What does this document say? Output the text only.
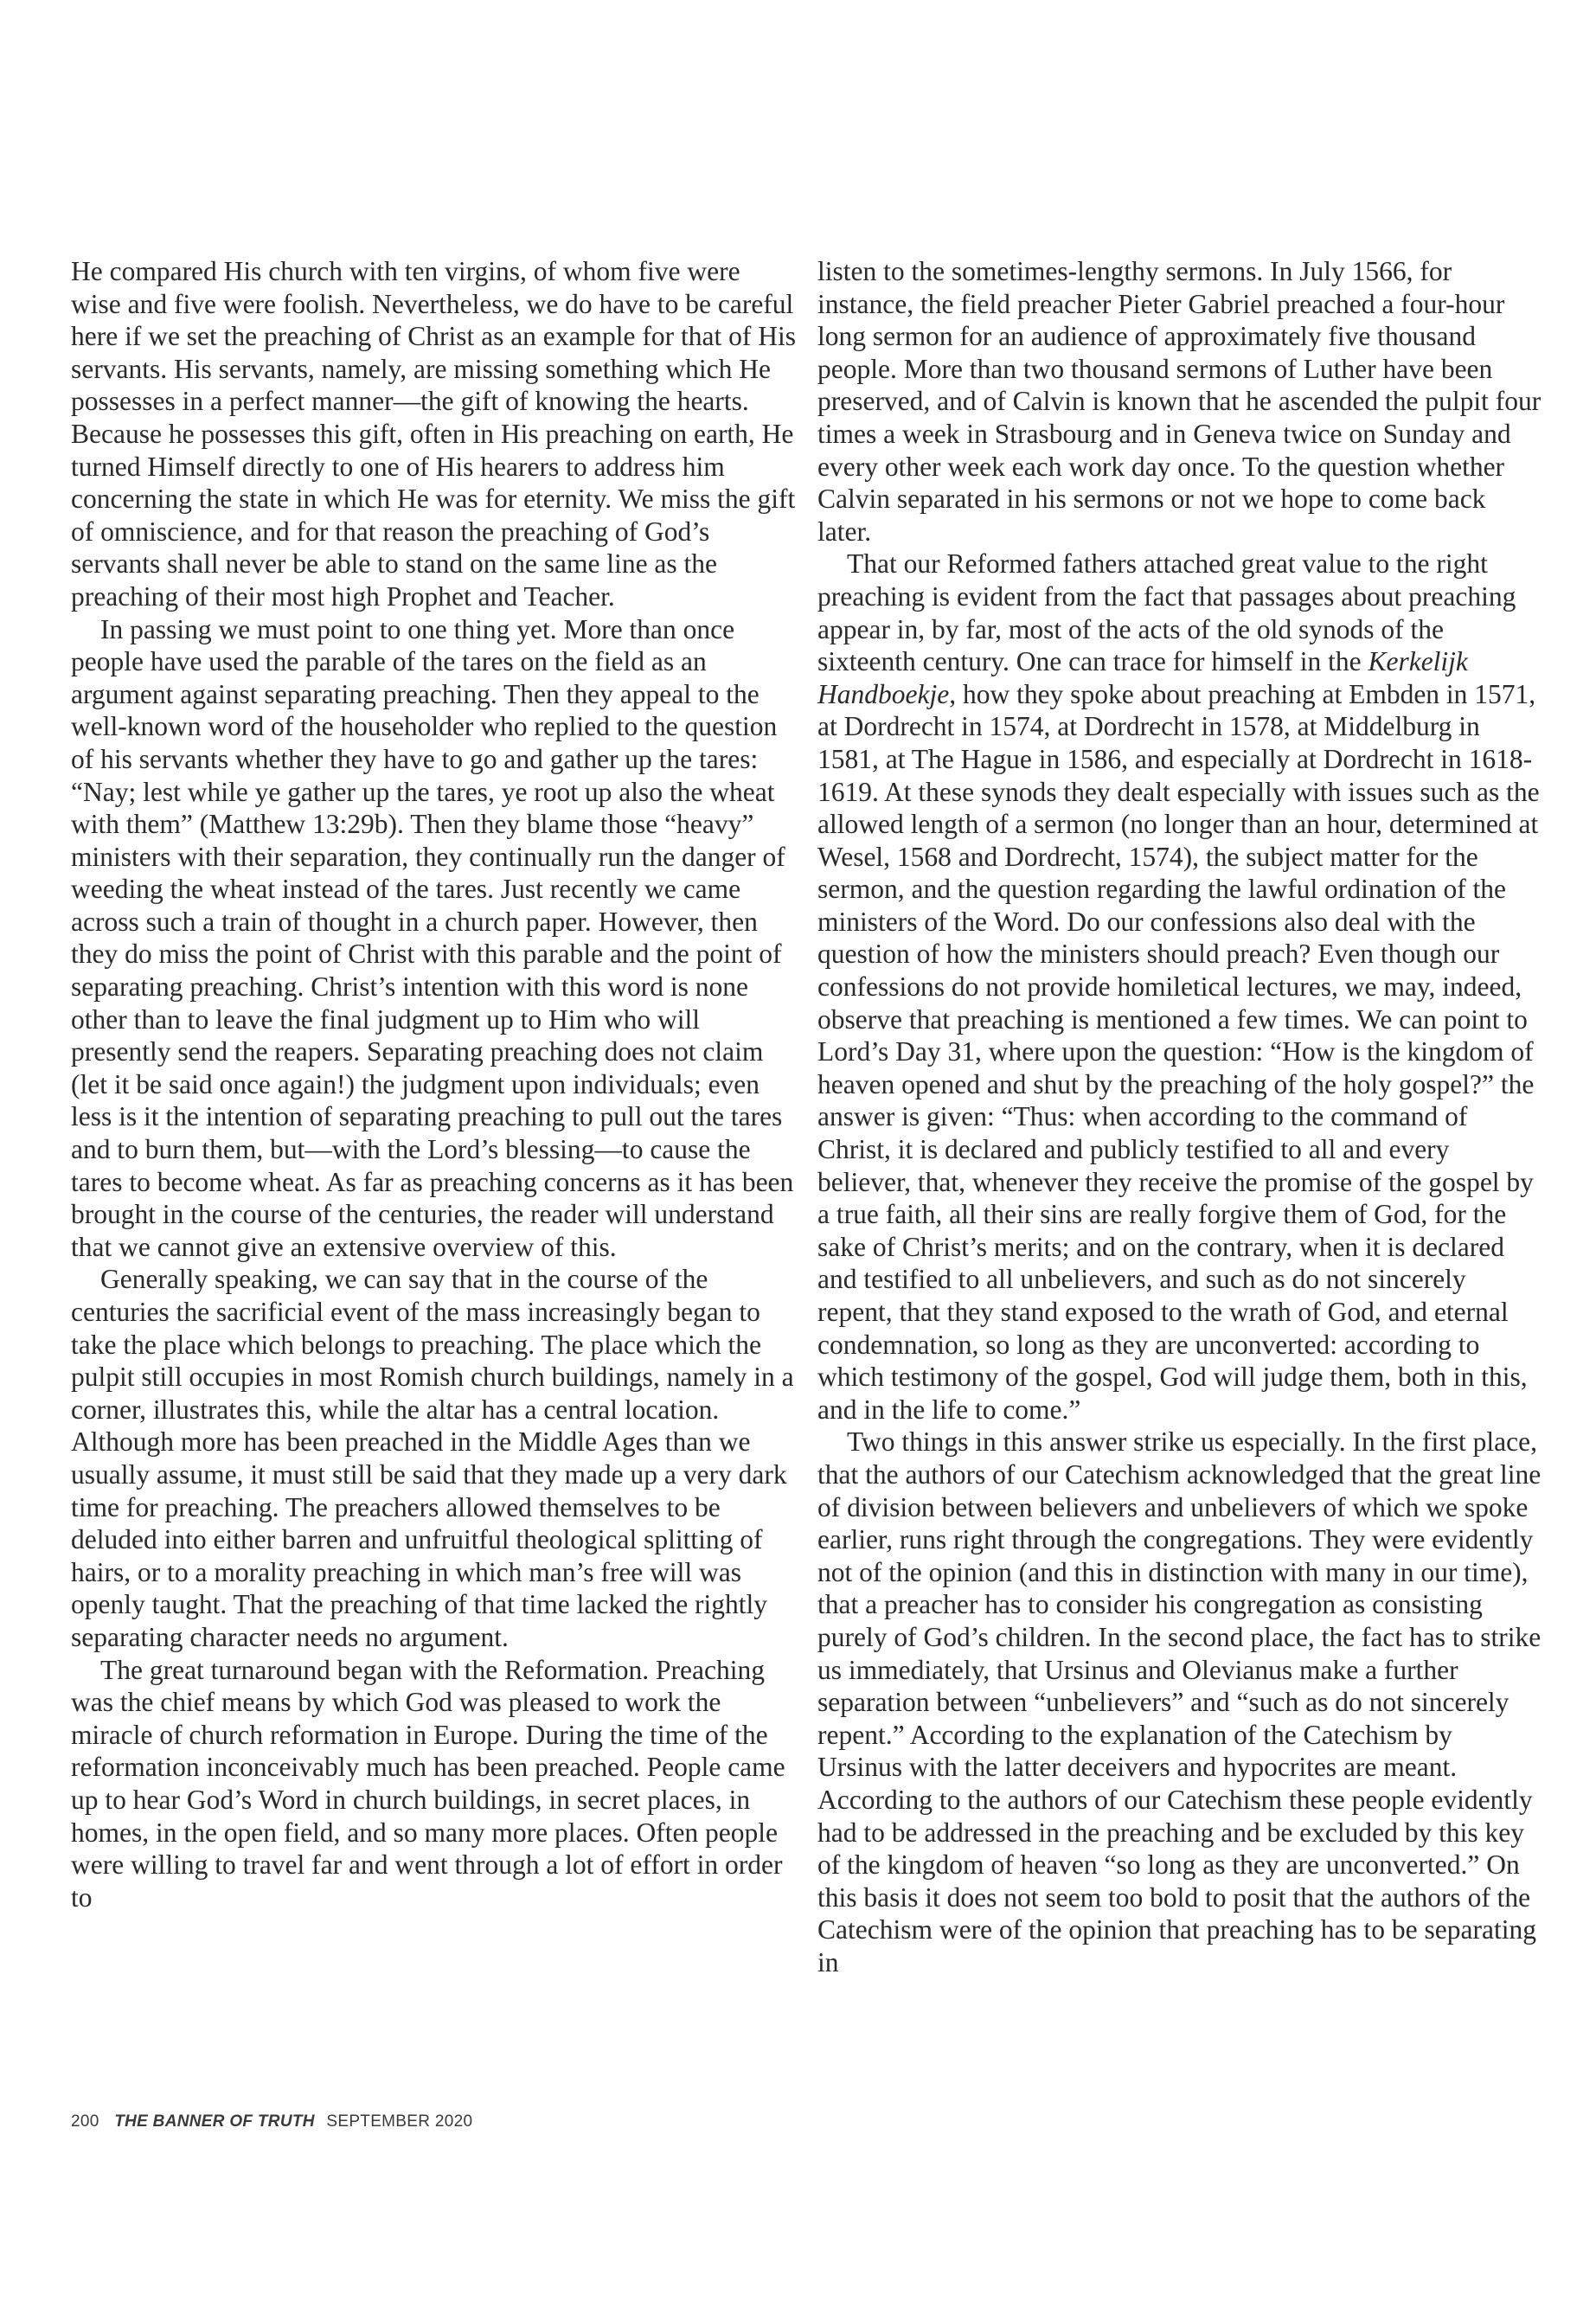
He compared His church with ten virgins, of whom five were wise and five were foolish. Nevertheless, we do have to be careful here if we set the preaching of Christ as an example for that of His servants. His servants, namely, are missing something which He possesses in a perfect manner—the gift of knowing the hearts. Because he possesses this gift, often in His preaching on earth, He turned Himself directly to one of His hearers to address him concerning the state in which He was for eternity. We miss the gift of omniscience, and for that reason the preaching of God’s servants shall never be able to stand on the same line as the preaching of their most high Prophet and Teacher.

In passing we must point to one thing yet. More than once people have used the parable of the tares on the field as an argument against separating preaching. Then they appeal to the well-known word of the householder who replied to the question of his servants whether they have to go and gather up the tares: “Nay; lest while ye gather up the tares, ye root up also the wheat with them” (Matthew 13:29b). Then they blame those “heavy” ministers with their separation, they continually run the danger of weeding the wheat instead of the tares. Just recently we came across such a train of thought in a church paper. However, then they do miss the point of Christ with this parable and the point of separating preaching. Christ’s intention with this word is none other than to leave the final judgment up to Him who will presently send the reapers. Separating preaching does not claim (let it be said once again!) the judgment upon individuals; even less is it the intention of separating preaching to pull out the tares and to burn them, but—with the Lord’s blessing—to cause the tares to become wheat. As far as preaching concerns as it has been brought in the course of the centuries, the reader will understand that we cannot give an extensive overview of this.

Generally speaking, we can say that in the course of the centuries the sacrificial event of the mass increasingly began to take the place which belongs to preaching. The place which the pulpit still occupies in most Romish church buildings, namely in a corner, illustrates this, while the altar has a central location. Although more has been preached in the Middle Ages than we usually assume, it must still be said that they made up a very dark time for preaching. The preachers allowed themselves to be deluded into either barren and unfruitful theological splitting of hairs, or to a morality preaching in which man’s free will was openly taught. That the preaching of that time lacked the rightly separating character needs no argument.

The great turnaround began with the Reformation. Preaching was the chief means by which God was pleased to work the miracle of church reformation in Europe. During the time of the reformation inconceivably much has been preached. People came up to hear God’s Word in church buildings, in secret places, in homes, in the open field, and so many more places. Often people were willing to travel far and went through a lot of effort in order to

listen to the sometimes-lengthy sermons. In July 1566, for instance, the field preacher Pieter Gabriel preached a four-hour long sermon for an audience of approximately five thousand people. More than two thousand sermons of Luther have been preserved, and of Calvin is known that he ascended the pulpit four times a week in Strasbourg and in Geneva twice on Sunday and every other week each work day once. To the question whether Calvin separated in his sermons or not we hope to come back later.

That our Reformed fathers attached great value to the right preaching is evident from the fact that passages about preaching appear in, by far, most of the acts of the old synods of the sixteenth century. One can trace for himself in the Kerkelijk Handboekje, how they spoke about preaching at Embden in 1571, at Dordrecht in 1574, at Dordrecht in 1578, at Middelburg in 1581, at The Hague in 1586, and especially at Dordrecht in 1618-1619. At these synods they dealt especially with issues such as the allowed length of a sermon (no longer than an hour, determined at Wesel, 1568 and Dordrecht, 1574), the subject matter for the sermon, and the question regarding the lawful ordination of the ministers of the Word. Do our confessions also deal with the question of how the ministers should preach? Even though our confessions do not provide homiletical lectures, we may, indeed, observe that preaching is mentioned a few times. We can point to Lord’s Day 31, where upon the question: “How is the kingdom of heaven opened and shut by the preaching of the holy gospel?” the answer is given: “Thus: when according to the command of Christ, it is declared and publicly testified to all and every believer, that, whenever they receive the promise of the gospel by a true faith, all their sins are really forgive them of God, for the sake of Christ’s merits; and on the contrary, when it is declared and testified to all unbelievers, and such as do not sincerely repent, that they stand exposed to the wrath of God, and eternal condemnation, so long as they are unconverted: according to which testimony of the gospel, God will judge them, both in this, and in the life to come.”

Two things in this answer strike us especially. In the first place, that the authors of our Catechism acknowledged that the great line of division between believers and unbelievers of which we spoke earlier, runs right through the congregations. They were evidently not of the opinion (and this in distinction with many in our time), that a preacher has to consider his congregation as consisting purely of God’s children. In the second place, the fact has to strike us immediately, that Ursinus and Olevianus make a further separation between “unbelievers” and “such as do not sincerely repent.” According to the explanation of the Catechism by Ursinus with the latter deceivers and hypocrites are meant. According to the authors of our Catechism these people evidently had to be addressed in the preaching and be excluded by this key of the kingdom of heaven “so long as they are unconverted.” On this basis it does not seem too bold to posit that the authors of the Catechism were of the opinion that preaching has to be separating in

200 THE BANNER OF TRUTH SEPTEMBER 2020
